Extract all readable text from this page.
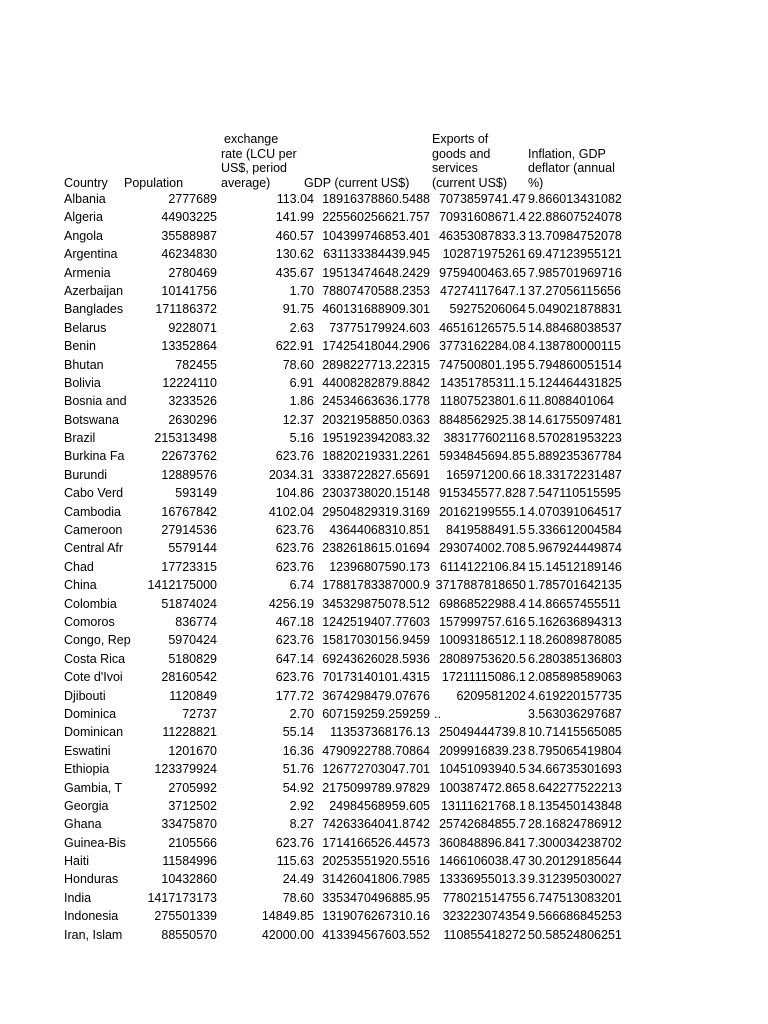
Country	Population
exchange
rate (LCU per
US$, period
average)	GDP (current US$)
Exports of
goods and
services
(current US$)
Inflation, GDP
deflator (annual
%)
Albania	2777689	113.04 18916378860.5488 7073859741.47 9.866013431082
Algeria	44903225	141.99 225560256621.757 70931608671.4 22.88607524078
Angola	35588987	460.57 104399746853.401 46353087833.3 13.70984752078
Argentina	46234830	130.62 631133384439.945	102871975261 69.47123955121
Armenia	2780469	435.67 19513474648.2429 9759400463.65 7.985701969716
Azerbaijan	10141756	1.70 78807470588.2353 47274117647.1 37.27056115656
Banglades	171186372	91.75 460131688909.301	59275206064 5.049021878831
Belarus	9228071	2.63	73775179924.603 46516126575.5 14.88468038537
Benin	13352864	622.91 17425418044.2906 3773162284.08 4.138780000115
Bhutan	782455	78.60 2898227713.22315 747500801.195 5.794860051514
Bolivia	12224110	6.91 44008282879.8842 14351785311.1 5.124464431825
Bosnia and	3233526	1.86 24534663636.1778 11807523801.6 11.8088401064
Botswana	2630296	12.37 20321958850.0363 8848562925.38 14.61755097481
Brazil	215313498	5.16 1951923942083.32	383177602116 8.570281953223
Burkina Fa	22673762	623.76 18820219331.2261 5934845694.85 5.889235367784
Burundi	12889576	2034.31 3338722827.65691	165971200.66 18.33172231487
Cabo Verd	593149	104.86 2303738020.15148 915345577.828 7.547110515595
Cambodia	16767842	4102.04 29504829319.3169 20162199555.1 4.070391064517
Cameroon	27914536	623.76	43644068310.851	8419588491.5 5.336612004584
Central Afr	5579144	623.76 2382618615.01694 293074002.708 5.967924449874
Chad	17723315	623.76	12396807590.173 6114122106.84 15.14512189146
China	1412175000	6.74 17881783387000.9 3717887818650 1.785701642135
Colombia	51874024	4256.19 345329875078.512 69868522988.4 14.86657455511
Comoros	836774	467.18 1242519407.77603 157999757.616 5.162636894313
Congo, Rep	5970424	623.76 15817030156.9459 10093186512.1 18.26089878085
Costa Rica	5180829	647.14 69243626028.5936 28089753620.5 6.280385136803
Cote d'Ivoi	28160542	623.76 70173140101.4315 17211115086.1 2.085898589063
Djibouti	1120849	177.72 3674298479.07676	6209581202 4.619220157735
Dominica	72737	2.70 607159259.259259 ..	3.563036297687
Dominican	11228821	55.14	113537368176.13 25049444739.8 10.71415565085
Eswatini	1201670	16.36 4790922788.70864 2099916839.23 8.795065419804
Ethiopia	123379924	51.76 126772703047.701 10451093940.5 34.66735301693
Gambia, T	2705992	54.92 2175099789.97829 100387472.865 8.642277522213
Georgia	3712502	2.92	24984568959.605 13111621768.1 8.135450143848
Ghana	33475870	8.27 74263364041.8742 25742684855.7 28.16824786912
Guinea-Bis	2105566	623.76 1714166526.44573 360848896.841 7.300034238702
Haiti	11584996	115.63 20253551920.5516 1466106038.47 30.20129185644
Honduras	10432860	24.49 31426041806.7985 13336955013.3 9.312395030027
India	1417173173	78.60 3353470496885.95	778021514755 6.747513083201
Indonesia	275501339	14849.85 1319076267310.16	323223074354 9.566686845253
Iran, Islam	88550570	42000.00 413394567603.552	110855418272 50.58524806251
